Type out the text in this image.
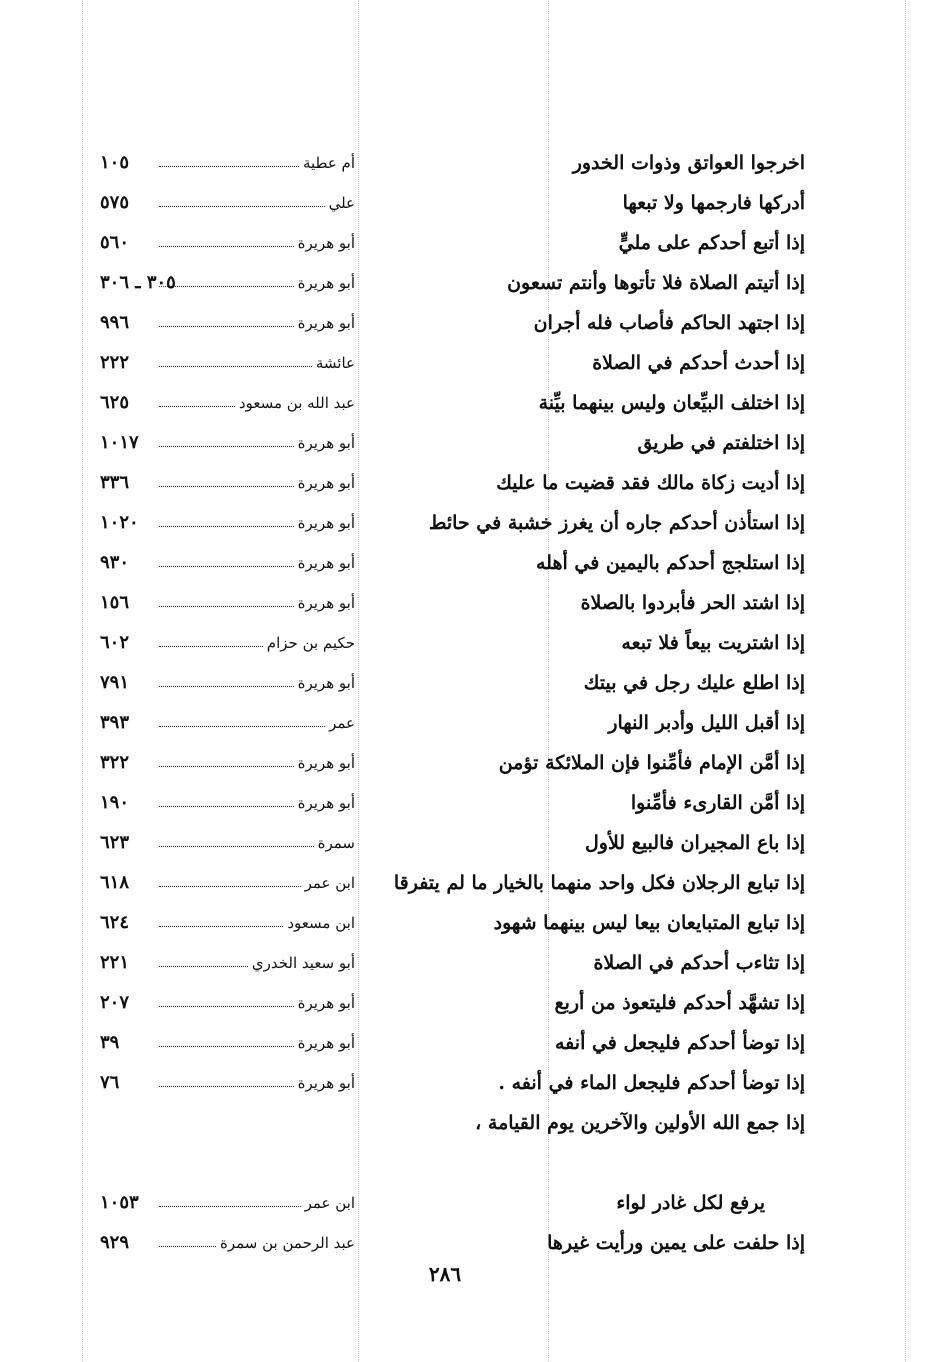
اخرجوا العواتق وذوات الخدور
أم عطية
١٠٥
أدركها فارجمها ولا تبعها
علي
٥٧٥
إذا أتبع أحدكم على مليٍّ
أبو هريرة
٥٦٠
إذا أتيتم الصلاة فلا تأتوها وأنتم تسعون
أبو هريرة
٣٠٥ ـ ٣٠٦
إذا اجتهد الحاكم فأصاب فله أجران
أبو هريرة
٩٩٦
إذا أحدث أحدكم في الصلاة
عائشة
٢٢٢
إذا اختلف البيِّعان وليس بينهما بيِّنة
عبد الله بن مسعود
٦٢٥
إذا اختلفتم في طريق
أبو هريرة
١٠١٧
إذا أديت زكاة مالك فقد قضيت ما عليك
أبو هريرة
٣٣٦
إذا استأذن أحدكم جاره أن يغرز خشبة في حائط
أبو هريرة
١٠٢٠
إذا استلجج أحدكم باليمين في أهله
أبو هريرة
٩٣٠
إذا اشتد الحر فأبردوا بالصلاة
أبو هريرة
١٥٦
إذا اشتريت بيعاً فلا تبعه
حكيم بن حزام
٦٠٢
إذا اطلع عليك رجل في بيتك
أبو هريرة
٧٩١
إذا أقبل الليل وأدبر النهار
عمر
٣٩٣
إذا أمَّن الإمام فأمِّنوا فإن الملائكة تؤمن
أبو هريرة
٣٢٢
إذا أمَّن القارىء فأمِّنوا
أبو هريرة
١٩٠
إذا باع المجيران فالبيع للأول
سمرة
٦٢٣
إذا تبايع الرجلان فكل واحد منهما بالخيار ما لم يتفرقا
ابن عمر
٦١٨
إذا تبايع المتبايعان بيعا ليس بينهما شهود
ابن مسعود
٦٢٤
إذا تثاءب أحدكم في الصلاة
أبو سعيد الخدري
٢٢١
إذا تشهَّد أحدكم فليتعوذ من أربع
أبو هريرة
٢٠٧
إذا توضأ أحدكم فليجعل في أنفه
أبو هريرة
٣٩
إذا توضأ أحدكم فليجعل الماء في أنفه .
أبو هريرة
٧٦
إذا جمع الله الأولين والآخرين يوم القيامة ،
يرفع لكل غادر لواء
ابن عمر
١٠٥٣
إذا حلفت على يمين ورأيت غيرها
عبد الرحمن بن سمرة
٩٢٩
٢٨٦
